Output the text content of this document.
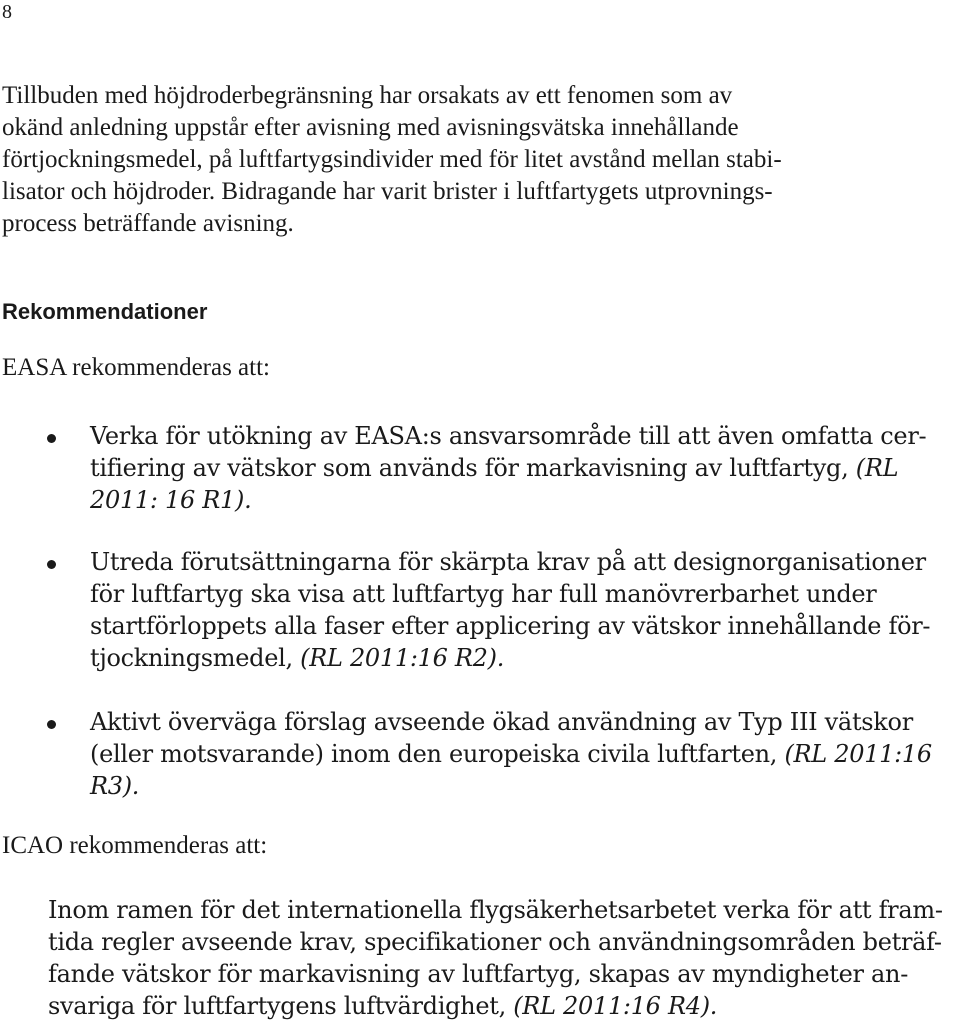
8
Tillbuden med höjdroderbegränsning har orsakats av ett fenomen som av
okänd anledning uppstår efter avisning med avisningsvätska innehållande
förtjockningsmedel, på luftfartygsindivider med för litet avstånd mellan stabi-
lisator och höjdroder. Bidragande har varit brister i luftfartygets utprovnings-
process beträffande avisning.
Rekommendationer
EASA rekommenderas att:
Verka för utökning av EASA:s ansvarsområde till att även omfatta cer-
tifiering av vätskor som används för markavisning av luftfartyg, (RL
2011: 16 R1).
Utreda förutsättningarna för skärpta krav på att designorganisationer
för luftfartyg ska visa att luftfartyg har full manövrerbarhet under
startförloppets alla faser efter applicering av vätskor innehållande för-
tjockningsmedel, (RL 2011:16 R2).
Aktivt överväga förslag avseende ökad användning av Typ III vätskor
(eller motsvarande) inom den europeiska civila luftfarten, (RL 2011:16
R3).
ICAO rekommenderas att:
Inom ramen för det internationella flygsäkerhetsarbetet verka för att fram-
tida regler avseende krav, specifikationer och användningsområden beträf-
fande vätskor för markavisning av luftfartyg, skapas av myndigheter an-
svariga för luftfartygens luftvärdighet, (RL 2011:16 R4).
